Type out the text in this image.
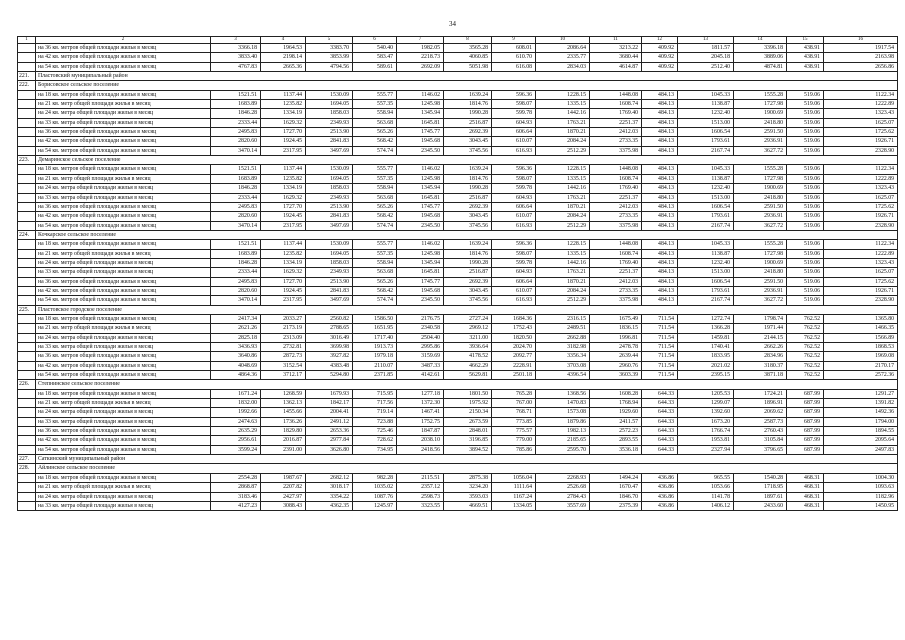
34
1	2	3	4	5	6	7	8	9	10	11	12	13	14	15	16
	на 36 кв. метров общей площади жилья в месяц	3366.18	1964.53	3383.70	540.40	1982.05	3565.28	608.01	2086.64	3213.22	409.92	1811.57	3396.18	438.91	1917.54
	на 42 кв. метров общей площади жилья в месяц	3833.40	2198.14	3853.99	583.47	2218.73	4060.85	610.70	2335.77	3680.44	409.92	2045.18	3889.06	438.91	2163.98
	на 54 кв. метров общей площади жилья в месяц	4767.83	2665.36	4794.56	589.61	2692.09	5051.98	616.08	2834.03	4614.87	409.92	2512.40	4874.81	438.91	2656.86
221.	Пластовский муниципальный район														
222.	Борисовское сельское поселение														
	на 18 кв. метров общей площади жилья в месяц	1521.51	1137.44	1530.09	555.77	1146.02	1639.24	596.36	1228.15	1448.08	484.13	1045.33	1555.28	519.06	1122.34
	на 21 кв. метр общей площади жилья в месяц	1683.89	1235.82	1694.05	557.35	1245.98	1814.76	598.07	1335.15	1608.74	484.13	1138.87	1727.98	519.06	1222.89
	на 24 кв. метра общей площади жилья в месяц	1846.28	1334.19	1858.03	558.94	1345.94	1990.28	599.78	1442.16	1769.40	484.13	1232.40	1900.69	519.06	1323.43
	на 33 кв. метра общей площади жилья в месяц	2333.44	1629.32	2349.93	563.68	1645.81	2516.87	604.93	1763.21	2251.37	484.13	1513.00	2418.80	519.06	1625.07
	на 36 кв. метров общей площади жилья в месяц	2495.83	1727.70	2513.90	565.26	1745.77	2692.39	606.64	1870.21	2412.03	484.13	1606.54	2591.50	519.06	1725.62
	на 42 кв. метров общей площади жилья в месяц	2820.60	1924.45	2841.83	568.42	1945.68	3043.45	610.07	2084.24	2733.35	484.13	1793.61	2936.91	519.06	1926.71
	на 54 кв. метров общей площади жилья в месяц	3470.14	2317.95	3497.69	574.74	2345.50	3745.56	616.93	2512.29	3375.98	484.13	2167.74	3627.72	519.06	2328.90
223.	Демаринское сельское поселение														
	на 18 кв. метров общей площади жилья в месяц	1521.51	1137.44	1530.09	555.77	1146.02	1639.24	596.36	1228.15	1448.08	484.13	1045.33	1555.28	519.06	1122.34
	на 21 кв. метр общей площади жилья в месяц	1683.89	1235.82	1694.05	557.35	1245.98	1814.76	598.07	1335.15	1608.74	484.13	1138.87	1727.98	519.06	1222.89
	на 24 кв. метра общей площади жилья в месяц	1846.28	1334.19	1858.03	558.94	1345.94	1990.28	599.78	1442.16	1769.40	484.13	1232.40	1900.69	519.06	1323.43
	на 33 кв. метра общей площади жилья в месяц	2333.44	1629.32	2349.93	563.68	1645.81	2516.87	604.93	1763.21	2251.37	484.13	1513.00	2418.80	519.06	1625.07
	на 36 кв. метров общей площади жилья в месяц	2495.83	1727.70	2513.90	565.26	1745.77	2692.39	606.64	1870.21	2412.03	484.13	1606.54	2591.50	519.06	1725.62
	на 42 кв. метров общей площади жилья в месяц	2820.60	1924.45	2841.83	568.42	1945.68	3043.45	610.07	2084.24	2733.35	484.13	1793.61	2936.91	519.06	1926.71
	на 54 кв. метров общей площади жилья в месяц	3470.14	2317.95	3497.69	574.74	2345.50	3745.56	616.93	2512.29	3375.98	484.13	2167.74	3627.72	519.06	2328.90
224.	Кочкарское сельское поселение														
	на 18 кв. метров общей площади жилья в месяц	1521.51	1137.44	1530.09	555.77	1146.02	1639.24	596.36	1228.15	1448.08	484.13	1045.33	1555.28	519.06	1122.34
	на 21 кв. метр общей площади жилья в месяц	1683.89	1235.82	1694.05	557.35	1245.98	1814.76	598.07	1335.15	1608.74	484.13	1138.87	1727.98	519.06	1222.89
	на 24 кв. метра общей площади жилья в месяц	1846.28	1334.19	1858.03	558.94	1345.94	1990.28	599.78	1442.16	1769.40	484.13	1232.40	1900.69	519.06	1323.43
	на 33 кв. метра общей площади жилья в месяц	2333.44	1629.32	2349.93	563.68	1645.81	2516.87	604.93	1763.21	2251.37	484.13	1513.00	2418.80	519.06	1625.07
	на 36 кв. метров общей площади жилья в месяц	2495.83	1727.70	2513.90	565.26	1745.77	2692.39	606.64	1870.21	2412.03	484.13	1606.54	2591.50	519.06	1725.62
	на 42 кв. метров общей площади жилья в месяц	2820.60	1924.45	2841.83	568.42	1945.68	3043.45	610.07	2084.24	2733.35	484.13	1793.61	2936.91	519.06	1926.71
	на 54 кв. метров общей площади жилья в месяц	3470.14	2317.95	3497.69	574.74	2345.50	3745.56	616.93	2512.29	3375.98	484.13	2167.74	3627.72	519.06	2328.90
225.	Пластовское городское поселение														
	на 18 кв. метров общей площади жилья в месяц	2417.34	2033.27	2560.82	1586.50	2176.75	2727.24	1684.36	2316.15	1675.49	711.54	1272.74	1798.74	762.52	1365.80
	на 21 кв. метр общей площади жилья в месяц	2621.26	2173.19	2788.65	1651.95	2340.58	2969.12	1752.43	2489.51	1836.15	711.54	1366.28	1971.44	762.52	1466.35
	на 24 кв. метра общей площади жилья в месяц	2825.18	2313.09	3016.49	1717.40	2504.40	3211.00	1820.50	2662.88	1996.81	711.54	1459.81	2144.15	762.52	1566.89
	на 33 кв. метра общей площади жилья в месяц	3436.93	2732.81	3699.98	1913.73	2995.86	3936.64	2024.70	3182.98	2478.78	711.54	1740.41	2662.26	762.52	1868.53
	на 36 кв. метров общей площади жилья в месяц	3640.86	2872.73	3927.82	1979.18	3159.69	4178.52	2092.77	3356.34	2639.44	711.54	1833.95	2834.96	762.52	1969.08
	на 42 кв. метров общей площади жилья в месяц	4048.69	3152.54	4383.48	2110.07	3487.33	4662.29	2228.91	3703.08	2960.76	711.54	2021.02	3180.37	762.52	2170.17
	на 54 кв. метров общей площади жилья в месяц	4864.36	3712.17	5294.80	2371.85	4142.61	5629.81	2501.18	4396.54	3603.39	711.54	2395.15	3871.18	762.52	2572.36
226.	Степнинское сельское поселение														
	на 18 кв. метров общей площади жилья в месяц	1671.24	1268.59	1679.93	715.95	1277.18	1801.50	765.28	1368.56	1608.28	644.33	1205.53	1724.21	687.99	1291.27
	на 21 кв. метр общей площади жилья в месяц	1832.00	1362.13	1842.17	717.56	1372.30	1975.92	767.00	1470.83	1768.94	644.33	1299.07	1896.91	687.99	1391.82
	на 24 кв. метра общей площади жилья в месяц	1992.66	1455.66	2004.41	719.14	1467.41	2150.34	768.71	1573.08	1929.60	644.33	1392.60	2069.62	687.99	1492.36
	на 33 кв. метра общей площади жилья в месяц	2474.63	1736.26	2491.12	723.88	1752.75	2673.59	773.85	1879.86	2411.57	644.33	1673.20	2587.73	687.99	1794.00
	на 36 кв. метров общей площади жилья в месяц	2635.29	1829.80	2653.36	725.46	1847.87	2848.01	775.57	1982.13	2572.23	644.33	1766.74	2760.43	687.99	1894.55
	на 42 кв. метров общей площади жилья в месяц	2956.61	2016.87	2977.84	728.62	2038.10	3196.85	779.00	2185.65	2893.55	644.33	1953.81	3105.84	687.99	2095.64
	на 54 кв. метров общей площади жилья в месяц	3599.24	2391.00	3626.80	734.95	2418.56	3894.52	785.86	2595.70	3536.18	644.33	2327.94	3796.65	687.99	2497.83
227.	Саткинский муниципальный район														
228.	Айлинское сельское поселение														
	на 18 кв. метров общей площади жилья в месяц	2554.28	1987.67	2682.12	982.28	2115.51	2875.38	1056.04	2268.93	1494.24	436.86	965.55	1540.28	468.31	1004.30
	на 21 кв. метр общей площади жилья в месяц	2868.87	2207.82	3018.17	1035.02	2357.12	3234.20	1111.64	2526.68	1670.47	436.86	1053.66	1718.95	468.31	1093.63
	на 24 кв. метра общей площади жилья в месяц	3183.46	2427.97	3354.22	1087.76	2598.73	3593.03	1167.24	2784.43	1846.70	436.86	1141.78	1897.61	468.31	1182.96
	на 33 кв. метра общей площади жилья в месяц	4127.23	3088.43	4362.35	1245.97	3323.55	4669.51	1334.05	3557.69	2375.39	436.86	1406.12	2433.60	468.31	1450.95
